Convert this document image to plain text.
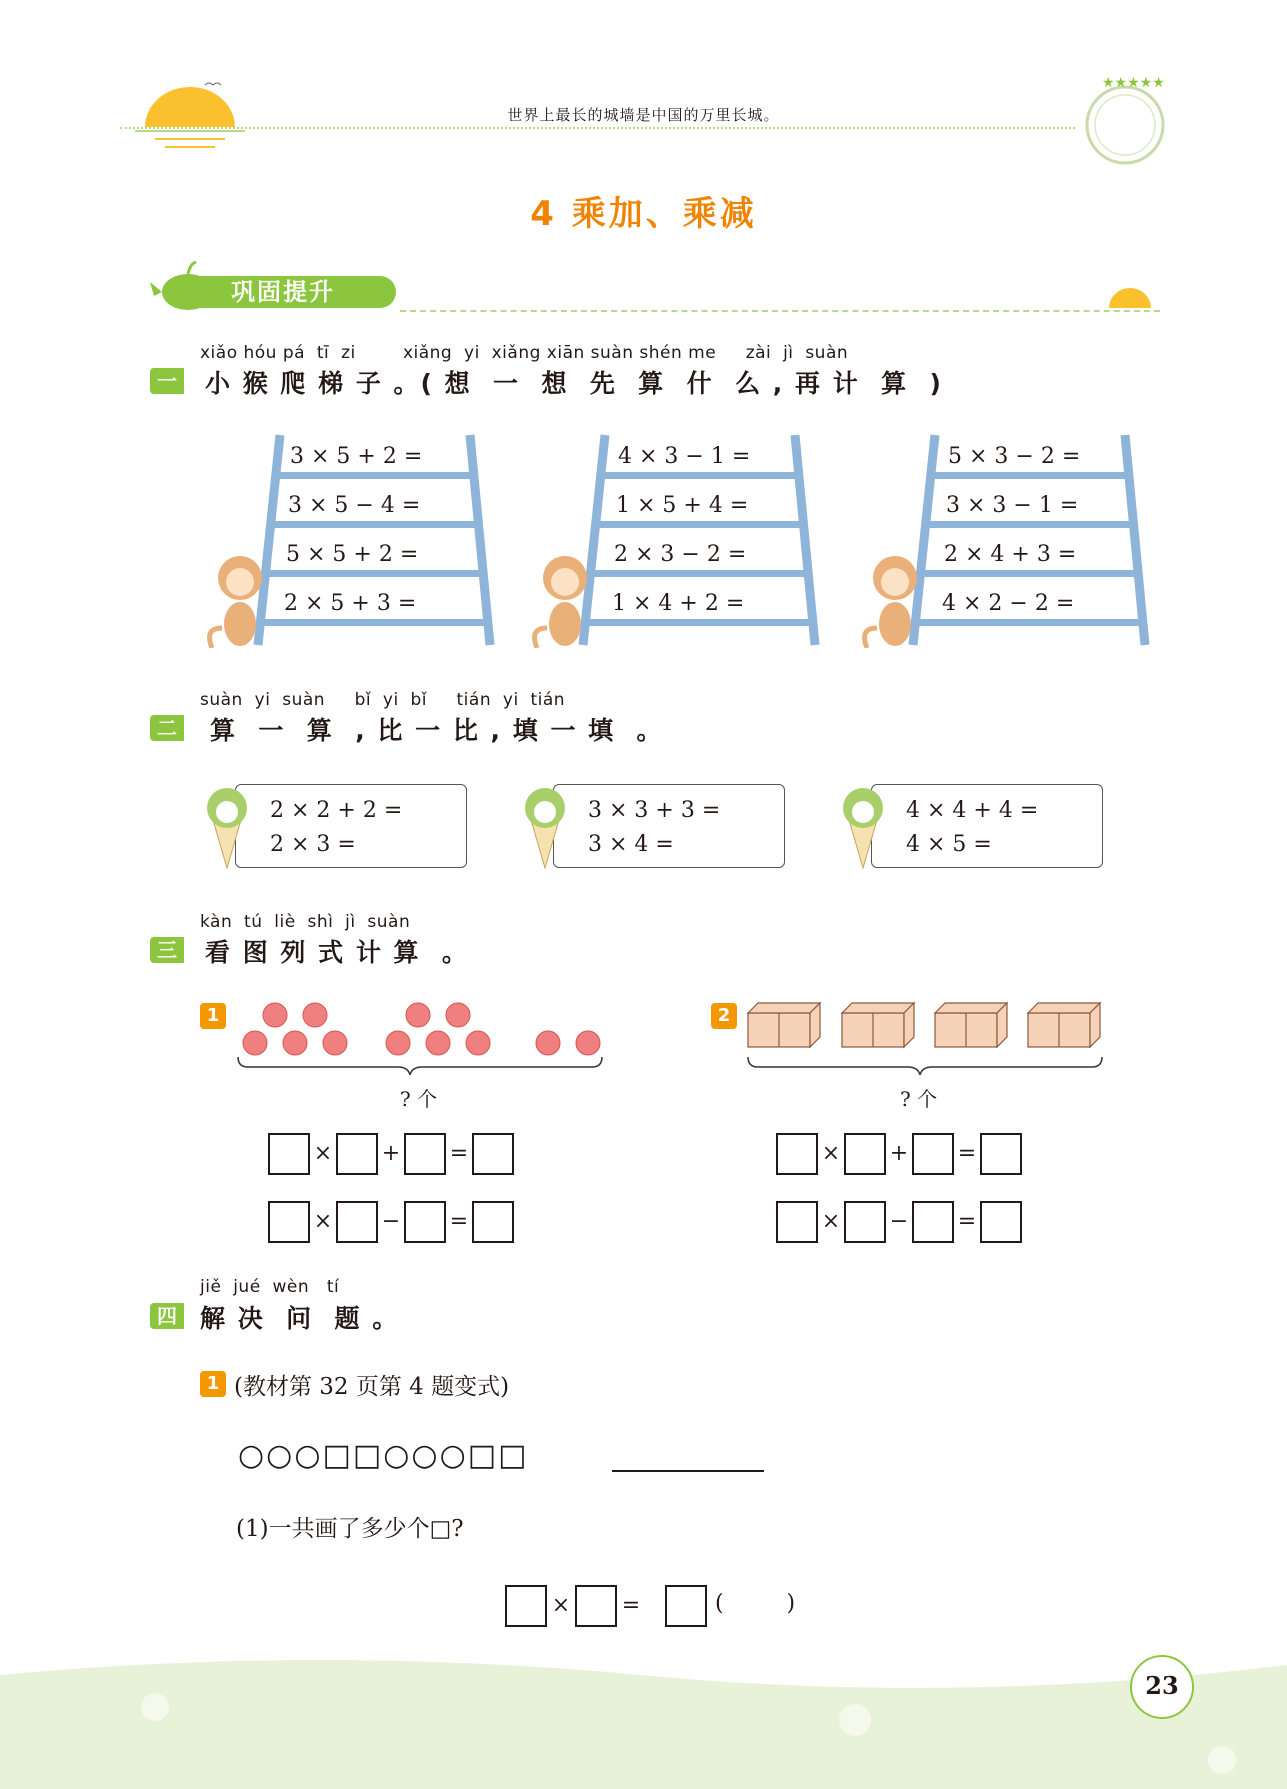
世界上最长的城墙是中国的万里长城。
★★★★★
4 乘加、乘减
巩固提升
xiǎo hóu pá  tī  zi        xiǎng  yi  xiǎng xiān suàn shén me     zài  jì  suàn
一 小 猴 爬 梯 子 。( 想  一  想  先  算  什  么 , 再 计  算  )
3 × 5 + 2 =
3 × 5 − 4 =
5 × 5 + 2 =
2 × 5 + 3 =
4 × 3 − 1 =
1 × 5 + 4 =
2 × 3 − 2 =
1 × 4 + 2 =
5 × 3 − 2 =
3 × 3 − 1 =
2 × 4 + 3 =
4 × 2 − 2 =
suàn  yi  suàn     bǐ  yi  bǐ     tián  yi  tián
二 算  一  算  , 比 一 比 , 填 一 填  。
2 × 2 + 2 =
2 × 3 =
3 × 3 + 3 =
3 × 4 =
4 × 4 + 4 =
4 × 5 =
kàn  tú  liè  shì  jì  suàn
三 看 图 列 式 计 算  。
1
? 个
× + =
× − =
2
? 个
× + =
× − =
jiě  jué  wèn   tí
四 解 决  问  题 。
1 (教材第 32 页第 4 题变式)
○○○□□○○○□□
(1)一共画了多少个□?
× =	(         )
23
